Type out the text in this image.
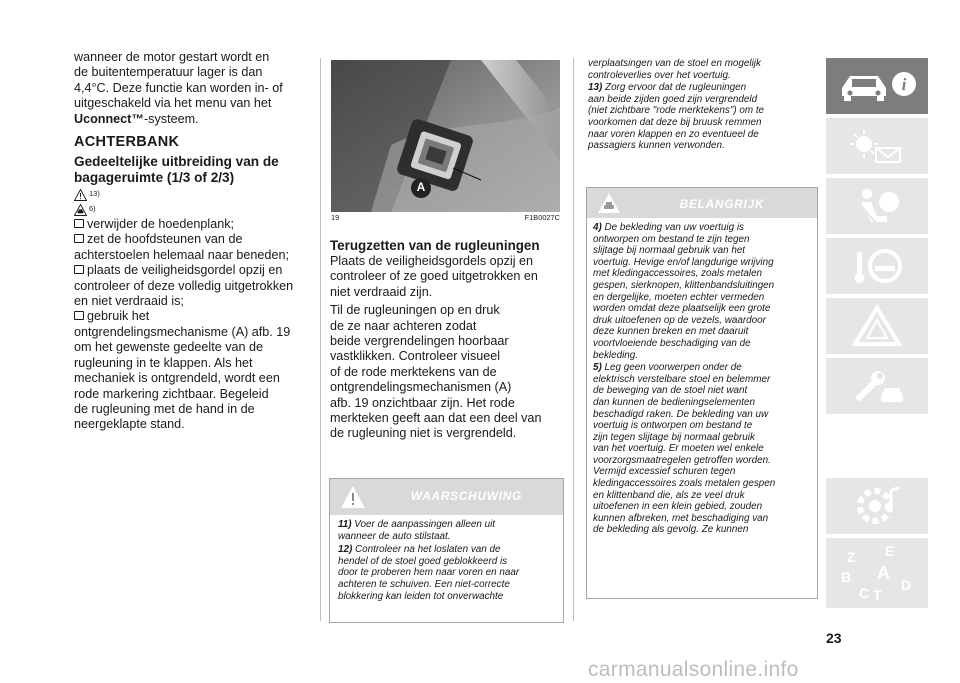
wanneer de motor gestart wordt en

de buitentemperatuur lager is dan

4,4°C. Deze functie kan worden in- of

uitgeschakeld via het menu van het

Uconnect™-systeem.

ACHTERBANK
Gedeeltelijke uitbreiding van de
bagageruimte (1/3 of 2/3)
13)
6)

verwijder de hoedenplank;

zet de hoofdsteunen van de

achterstoelen helemaal naar beneden;

plaats de veiligheidsgordel opzij en

controleer of deze volledig uitgetrokken

en niet verdraaid is;

gebruik het

ontgrendelingsmechanisme (A) afb. 19

om het gewenste gedeelte van de

rugleuning in te klappen. Als het

mechaniek is ontgrendeld, wordt een

rode markering zichtbaar. Begeleid

de rugleuning met de hand in de

neergeklapte stand.

A
19	F1B0027C
Terugzetten van de rugleuningen

Plaats de veiligheidsgordels opzij en

controleer of ze goed uitgetrokken en

niet verdraaid zijn.

Til de rugleuningen op en druk

de ze naar achteren zodat

beide vergrendelingen hoorbaar

vastklikken. Controleer visueel

of de rode merktekens van de

ontgrendelingsmechanismen (A)

afb. 19 onzichtbaar zijn. Het rode

merkteken geeft aan dat een deel van

de rugleuning niet is vergrendeld.

WAARSCHUWING

11) Voer de aanpassingen alleen uit

wanneer de auto stilstaat.

12) Controleer na het loslaten van de

hendel of de stoel goed geblokkeerd is

door te proberen hem naar voren en naar

achteren te schuiven. Een niet-correcte

blokkering kan leiden tot onverwachte

verplaatsingen van de stoel en mogelijk

controleverlies over het voertuig.

13) Zorg ervoor dat de rugleuningen

aan beide zijden goed zijn vergrendeld

(niet zichtbare "rode merktekens") om te

voorkomen dat deze bij bruusk remmen

naar voren klappen en zo eventueel de

passagiers kunnen verwonden.

BELANGRIJK

4) De bekleding van uw voertuig is

ontworpen om bestand te zijn tegen

slijtage bij normaal gebruik van het

voertuig. Hevige en/of langdurige wrijving

met kledingaccessoires, zoals metalen

gespen, sierknopen, klittenbandsluitingen

en dergelijke, moeten echter vermeden

worden omdat deze plaatselijk een grote

druk uitoefenen op de vezels, waardoor

deze kunnen breken en met daaruit

voortvloeiende beschadiging van de

bekleding.

5) Leg geen voorwerpen onder de

elektrisch verstelbare stoel en belemmer

de beweging van de stoel niet want

dan kunnen de bedieningselementen

beschadigd raken. De bekleding van uw

voertuig is ontworpen om bestand te

zijn tegen slijtage bij normaal gebruik

van het voertuig. Er moeten wel enkele

voorzorgsmaatregelen getroffen worden.

Vermijd excessief schuren tegen

kledingaccessoires zoals metalen gespen

en klittenband die, als ze veel druk

uitoefenen in een klein gebied, zouden

kunnen afbreken, met beschadiging van

de bekleding als gevolg. Ze kunnen

i
Z E
B A
C D
T
23
carmanualsonline.info
